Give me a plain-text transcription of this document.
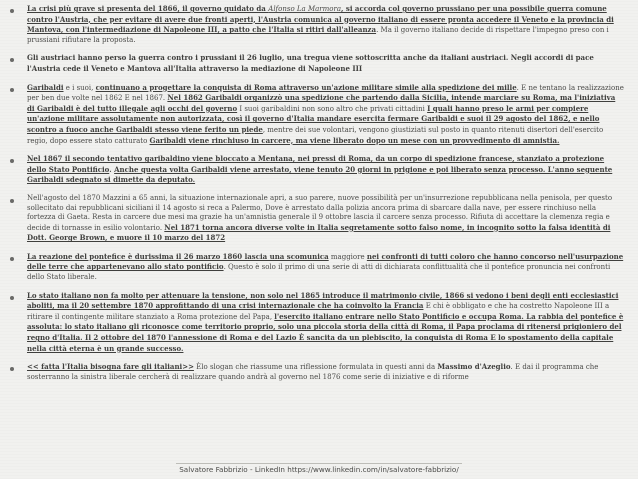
La crisi più grave si presenta del 1866, il governo guidato da Alfonso La Marmora, si accorda col governo prussiano per una possibile guerra comune contro l'Austria, che per evitare di avere due fronti aperti, l'Austria comunica al governo italiano di essere pronta accedere il Veneto e la provincia di Mantova, con l'intermediazione di Napoleone III, a patto che l'Italia si ritiri dall'alleanza. Ma il governo italiano decide di rispettare l'impegno preso con i prussiani rifiutare la proposta.
Gli austriaci hanno perso la guerra contro i prussiani il 26 luglio, una tregua viene sottoscritta anche da italiani austriaci. Negli accordi di pace l'Austria cede il Veneto e Mantova all'Italia attraverso la mediazione di Napoleone III
Garibaldi e i suoi, continuano a progettare la conquista di Roma attraverso un'azione militare simile alla spedizione dei mille. E ne tentano la realizzazione per ben due volte nel 1862 E nel 1867. Nel 1862 Garibaldi organizzò una spedizione che partendo dalla Sicilia, intende marciare su Roma, ma l'iniziativa di Garibaldi è del tutto illegale agli occhi del governo I suoi garibaldini non sono altro che privati cittadini I quali hanno preso le armi per compiere un'azione militare assolutamente non autorizzata, così il governo d'Italia mandare esercita fermare Garibaldi e suoi il 29 agosto del 1862, e nello scontro a fuoco anche Garibaldi stesso viene ferito un piede, mentre dei sue volontari, vengono giustiziati sul posto in quanto ritenuti disertori dell'esercito regio, dopo essere stato catturato Garibaldi viene rinchiuso in carcere, ma viene liberato dopo un mese con un provvedimento di amnistia.
Nel 1867 il secondo tentativo garibaldino viene bloccato a Mentana, nei pressi di Roma, da un corpo di spedizione francese, stanziato a protezione dello Stato Pontificio. Anche questa volta Garibaldi viene arrestato, viene tenuto 20 giorni in prigione e poi liberato senza processo. L'anno seguente Garibaldi sdegnato si dimette da deputato.
Nell'agosto del 1870 Mazzini a 65 anni, la situazione internazionale apri, a suo parere, nuove possibilità per un'insurrezione repubblicana nella penisola, per questo sollecitato dai repubblicani siciliani il 14 agosto si reca a Palermo, Dove è arrestato dalla polizia ancora prima di sbarcare dalla nave, per essere rinchiuso nella fortezza di Gaeta. Resta in carcere due mesi ma grazie ha un'amnistia generale il 9 ottobre lascia il carcere senza processo. Rifiuta di accettare la clemenza regia e decide di tornasse in esilio volontario. Nel 1871 torna ancora diverse volte in Italia segretamente sotto falso nome, in incognito sotto la falsa identità di Dott. George Brown, e muore il 10 marzo del 1872
La reazione del pontefice è durissima il 26 marzo 1860 lascia una scomunica maggiore nei confronti di tutti coloro che hanno concorso nell'usurpazione delle terre che appartenevano allo stato pontificio. Questo è solo il primo di una serie di atti di dichiarata conflittualità che il pontefice pronuncia nei confronti dello Stato liberale.
Lo stato italiano non fa molto per attenuare la tensione, non solo nel 1865 introduce il matrimonio civile, 1866 si vedono i beni degli enti ecclesiastici aboliti, ma il 20 settembre 1870 approfittando di una crisi internazionale che ha coinvolto la Francia E chi è obbligato e che ha costretto Napoleone III a ritirare il contingente militare stanziato a Roma protezione del Papa, l'esercito italiano entrare nello Stato Pontificio e occupa Roma. La rabbia del pontefice è assoluta: lo stato italiano gli riconosce come territorio proprio, solo una piccola storia della città di Roma, il Papa proclama di ritenersi prigioniero del regno d'Italia. Il 2 ottobre del 1870 l'annessione di Roma e del Lazio È sancita da un plebiscito, la conquista di Roma E lo spostamento della capitale nella città eterna è un grande successo.
<< fatta l'Italia bisogna fare gli italiani>> Èlo slogan che riassume una riflessione formulata in questi anni da Massimo d'Azeglio. E dai il programma che sosterranno la sinistra liberale cercherà di realizzare quando andrà al governo nel 1876 come serie di iniziative e di riforme
Salvatore Fabbrizio - LinkedIn https://www.linkedin.com/in/salvatore-fabbrizio/
